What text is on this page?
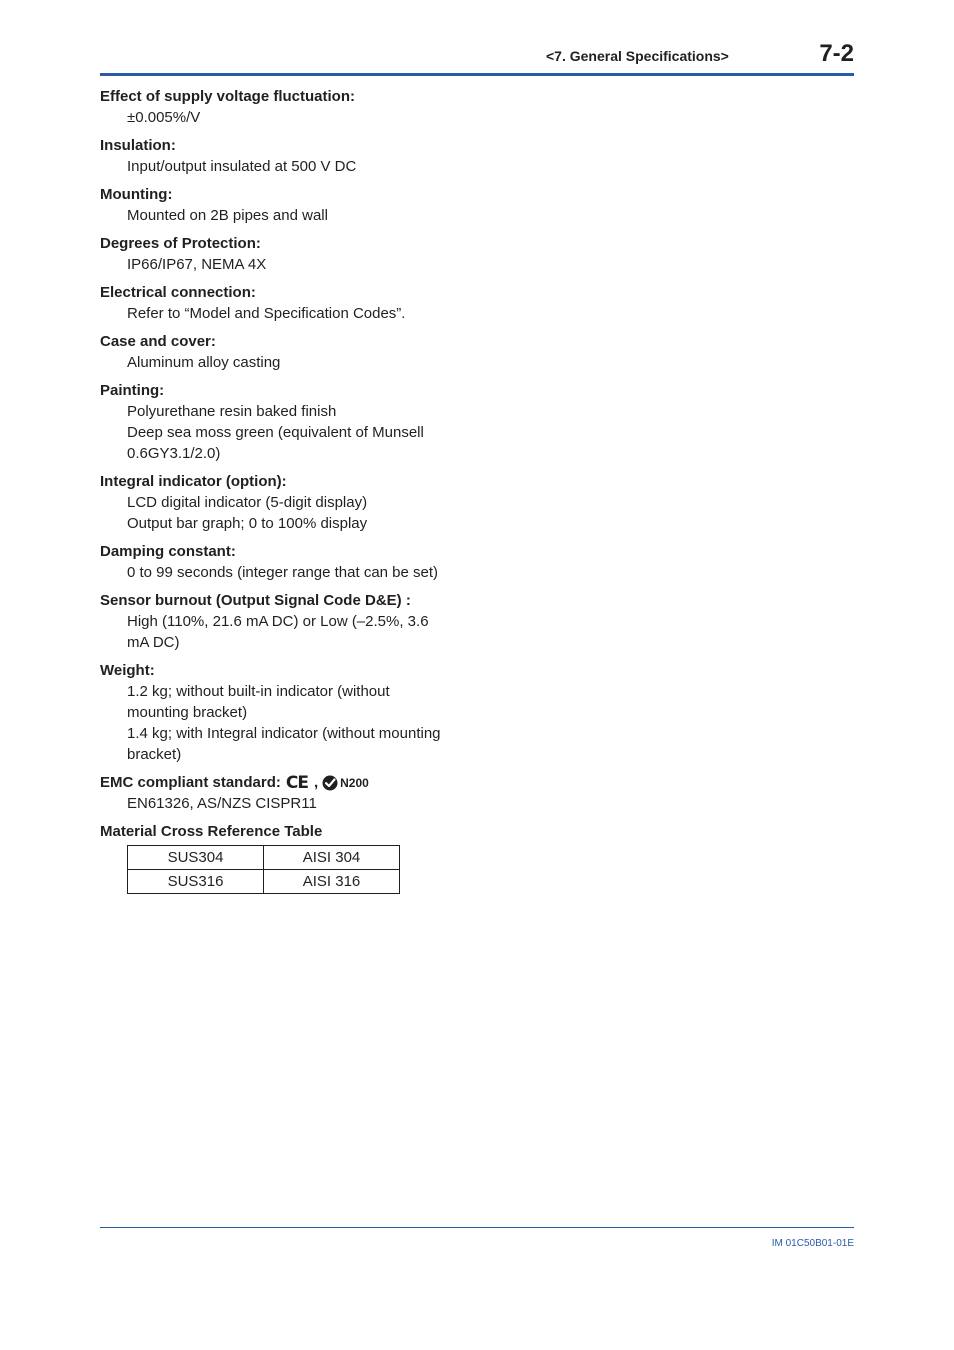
<7. General Specifications>	7-2
Effect of supply voltage fluctuation:
±0.005%/V
Insulation:
Input/output insulated at 500 V DC
Mounting:
Mounted on 2B pipes and wall
Degrees of Protection:
IP66/IP67, NEMA 4X
Electrical connection:
Refer to “Model and Specification Codes”.
Case and cover:
Aluminum alloy casting
Painting:
Polyurethane resin baked finish
Deep sea moss green (equivalent of Munsell
0.6GY3.1/2.0)
Integral indicator (option):
LCD digital indicator (5-digit display)
Output bar graph; 0 to 100% display
Damping constant:
0 to 99 seconds (integer range that can be set)
Sensor burnout (Output Signal Code D&E) :
High (110%, 21.6 mA DC) or Low (–2.5%, 3.6
mA DC)
Weight:
1.2 kg; without built-in indicator (without
mounting bracket)
1.4 kg; with Integral indicator (without mounting
bracket)
EMC compliant standard: CE , N200
EN61326, AS/NZS CISPR11
Material Cross Reference Table
SUS304	AISI 304
SUS316	AISI 316
IM 01C50B01-01E
